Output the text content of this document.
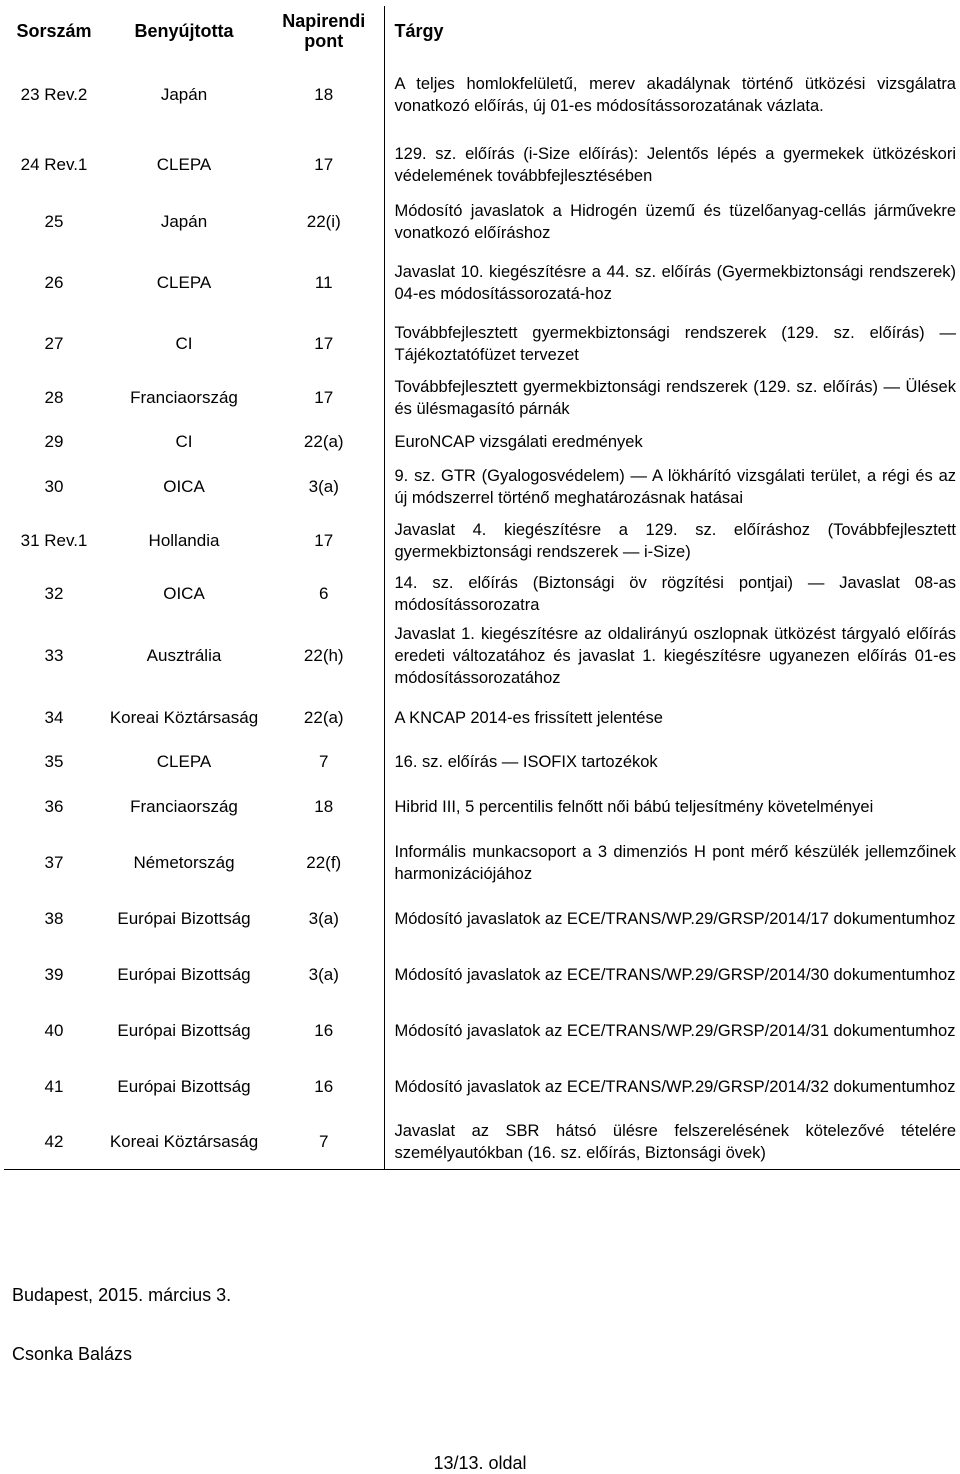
Sorszám	Benyújtotta	Napirendi pont	Tárgy
23 Rev.2	Japán	18	A teljes homlokfelületű, merev akadálynak történő ütközési vizsgálatra vonatkozó előírás, új 01-es módosítássorozatának vázlata.
24 Rev.1	CLEPA	17	129. sz. előírás (i-Size előírás): Jelentős lépés a gyermekek ütközéskori védelemének továbbfejlesztésében
25	Japán	22(i)	Módosító javaslatok a Hidrogén üzemű és tüzelőanyag-cellás járművekre vonatkozó előíráshoz
26	CLEPA	11	Javaslat 10. kiegészítésre a 44. sz. előírás (Gyermekbiztonsági rendszerek) 04-es módosítássorozatá-hoz
27	CI	17	Továbbfejlesztett gyermekbiztonsági rendszerek (129. sz. előírás) — Tájékoztatófüzet tervezet
28	Franciaország	17	Továbbfejlesztett gyermekbiztonsági rendszerek (129. sz. előírás) — Ülések és ülésmagasító párnák
29	CI	22(a)	EuroNCAP vizsgálati eredmények
30	OICA	3(a)	9. sz. GTR (Gyalogosvédelem) — A lökhárító vizsgálati terület, a régi és az új módszerrel történő meghatározásnak hatásai
31 Rev.1	Hollandia	17	Javaslat 4. kiegészítésre a 129. sz. előíráshoz (Továbbfejlesztett gyermekbiztonsági rendszerek — i-Size)
32	OICA	6	14. sz. előírás (Biztonsági öv rögzítési pontjai) — Javaslat 08-as módosítássorozatra
33	Ausztrália	22(h)	Javaslat 1. kiegészítésre az oldalirányú oszlopnak ütközést tárgyaló előírás eredeti változatához és javaslat 1. kiegészítésre ugyanezen előírás 01-es módosítássorozatához
34	Koreai Köztársaság	22(a)	A KNCAP 2014-es frissített jelentése
35	CLEPA	7	16. sz. előírás — ISOFIX tartozékok
36	Franciaország	18	Hibrid III, 5 percentilis felnőtt női bábú teljesítmény követelményei
37	Németország	22(f)	Informális munkacsoport a 3 dimenziós H pont mérő készülék jellemzőinek harmonizációjához
38	Európai Bizottság	3(a)	Módosító javaslatok az ECE/TRANS/WP.29/GRSP/2014/17 dokumentumhoz
39	Európai Bizottság	3(a)	Módosító javaslatok az ECE/TRANS/WP.29/GRSP/2014/30 dokumentumhoz
40	Európai Bizottság	16	Módosító javaslatok az ECE/TRANS/WP.29/GRSP/2014/31 dokumentumhoz
41	Európai Bizottság	16	Módosító javaslatok az ECE/TRANS/WP.29/GRSP/2014/32 dokumentumhoz
42	Koreai Köztársaság	7	Javaslat az SBR hátsó ülésre felszerelésének kötelezővé tételére személyautókban (16. sz. előírás, Biztonsági övek)
Budapest, 2015. március 3.
Csonka Balázs
13/13. oldal
